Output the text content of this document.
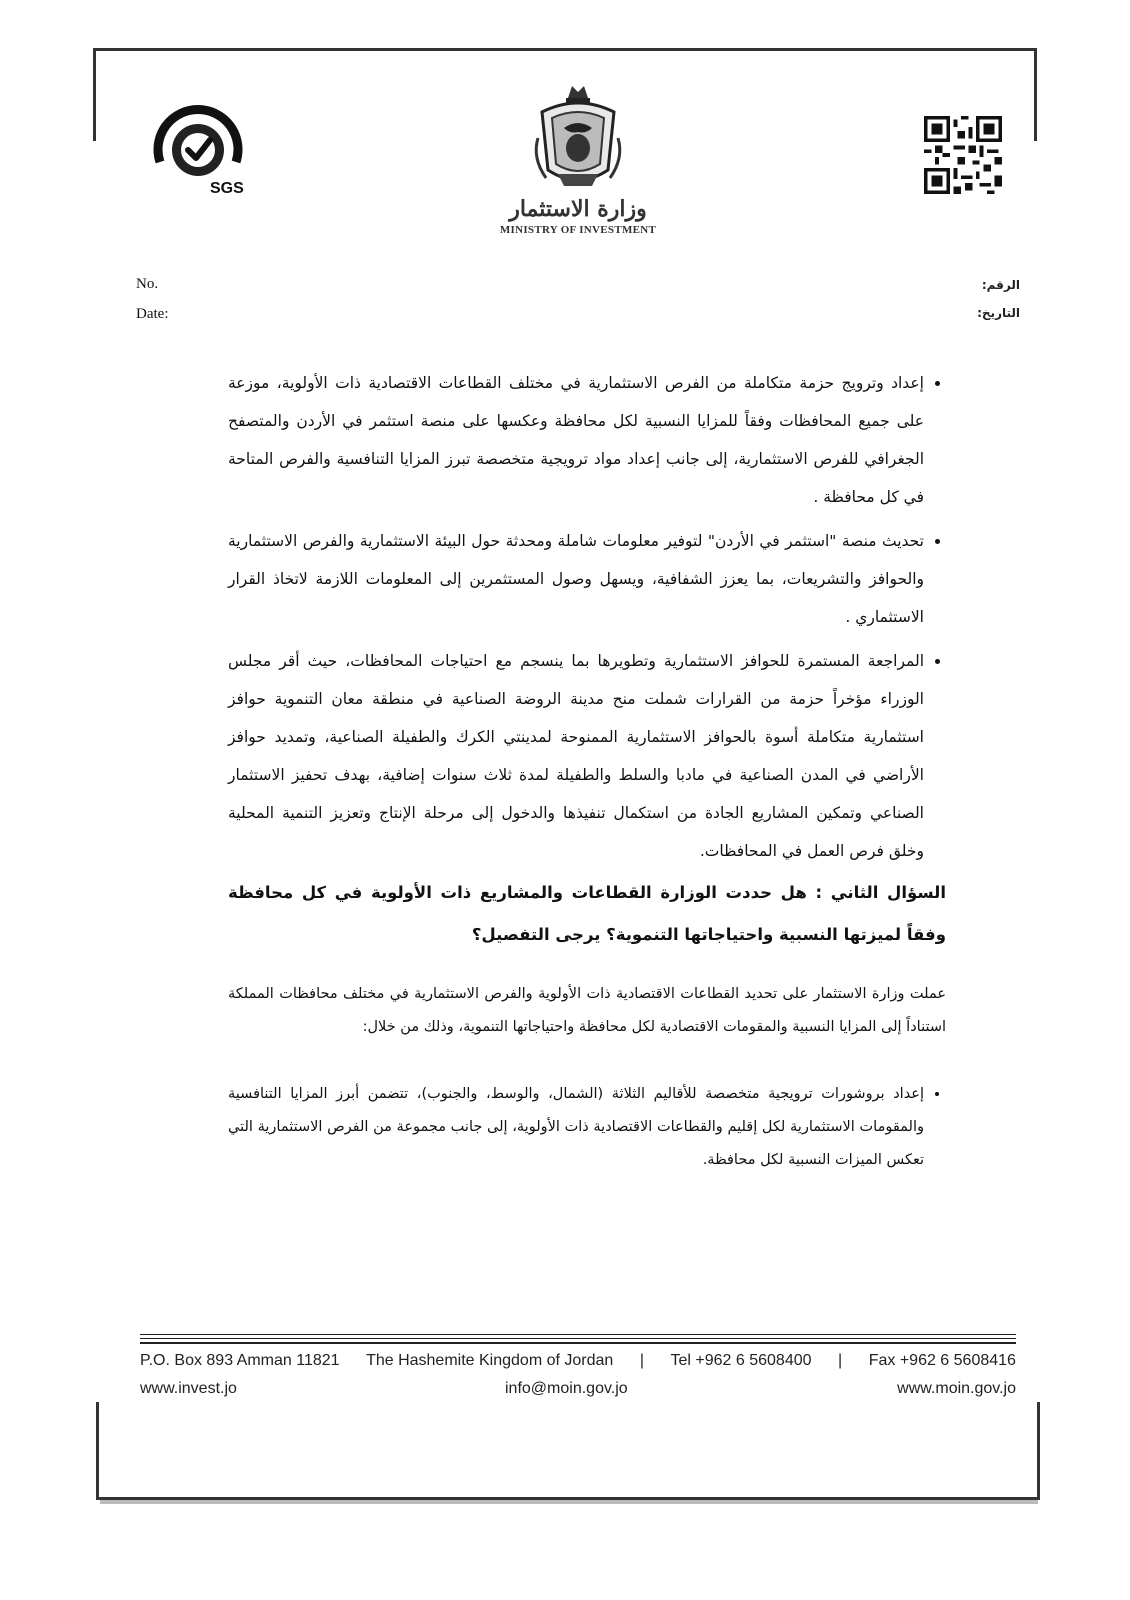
SGS
وزارة الاستثمار
MINISTRY OF INVESTMENT
No.
Date:
الرقم:
التاريخ:
• إعداد وترويج حزمة متكاملة من الفرص الاستثمارية في مختلف القطاعات الاقتصادية ذات الأولوية، موزعة على جميع المحافظات وفقاً للمزايا النسبية لكل محافظة وعكسها على منصة استثمر في الأردن والمتصفح الجغرافي للفرص الاستثمارية، إلى جانب إعداد مواد ترويجية متخصصة تبرز المزايا التنافسية والفرص المتاحة في كل محافظة .
• تحديث منصة "استثمر في الأردن" لتوفير معلومات شاملة ومحدثة حول البيئة الاستثمارية والفرص الاستثمارية والحوافز والتشريعات، بما يعزز الشفافية، ويسهل وصول المستثمرين إلى المعلومات اللازمة لاتخاذ القرار الاستثماري .
• المراجعة المستمرة للحوافز الاستثمارية وتطويرها بما ينسجم مع احتياجات المحافظات، حيث أقر مجلس الوزراء مؤخراً حزمة من القرارات شملت منح مدينة الروضة الصناعية في منطقة معان التنموية حوافز استثمارية متكاملة أسوة بالحوافز الاستثمارية الممنوحة لمدينتي الكرك والطفيلة الصناعية، وتمديد حوافز الأراضي في المدن الصناعية في مادبا والسلط والطفيلة لمدة ثلاث سنوات إضافية، بهدف تحفيز الاستثمار الصناعي وتمكين المشاريع الجادة من استكمال تنفيذها والدخول إلى مرحلة الإنتاج وتعزيز التنمية المحلية وخلق فرص العمل في المحافظات.

السؤال الثاني : هل حددت الوزارة القطاعات والمشاريع ذات الأولوية في كل محافظة وفقاً لميزتها النسبية واحتياجاتها التنموية؟ يرجى التفصيل؟

عملت وزارة الاستثمار على تحديد القطاعات الاقتصادية ذات الأولوية والفرص الاستثمارية في مختلف محافظات المملكة استناداً إلى المزايا النسبية والمقومات الاقتصادية لكل محافظة واحتياجاتها التنموية، وذلك من خلال:

• إعداد بروشورات ترويجية متخصصة للأقاليم الثلاثة (الشمال، والوسط، والجنوب)، تتضمن أبرز المزايا التنافسية والمقومات الاستثمارية لكل إقليم والقطاعات الاقتصادية ذات الأولوية، إلى جانب مجموعة من الفرص الاستثمارية التي تعكس الميزات النسبية لكل محافظة.
P.O. Box 893 Amman 11821 The Hashemite Kingdom of Jordan | Tel +962 6 5608400 | Fax +962 6 5608416
www.invest.jo	info@moin.gov.jo	www.moin.gov.jo
